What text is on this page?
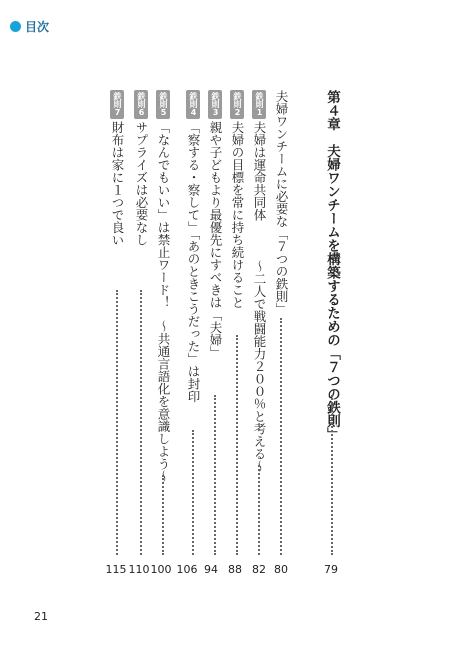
目次
第４章　夫婦ワンチームを構築するための「７つの鉄則」
79
夫婦ワンチームに必要な「７つの鉄則」
80
鉄則1夫婦は運命共同体
〜二人で戦闘能力２００％と考える〜
82
鉄則2夫婦の目標を常に持ち続けること
88
鉄則3親や子どもより最優先にすべきは「夫婦」
94
鉄則4「察する・察して」「あのときこうだった」は封印
106
鉄則5「なんでもいい」は禁止ワード！
〜共通言語化を意識しよう〜
100
鉄則6サプライズは必要なし
110
鉄則7財布は家に１つで良い
115
21
